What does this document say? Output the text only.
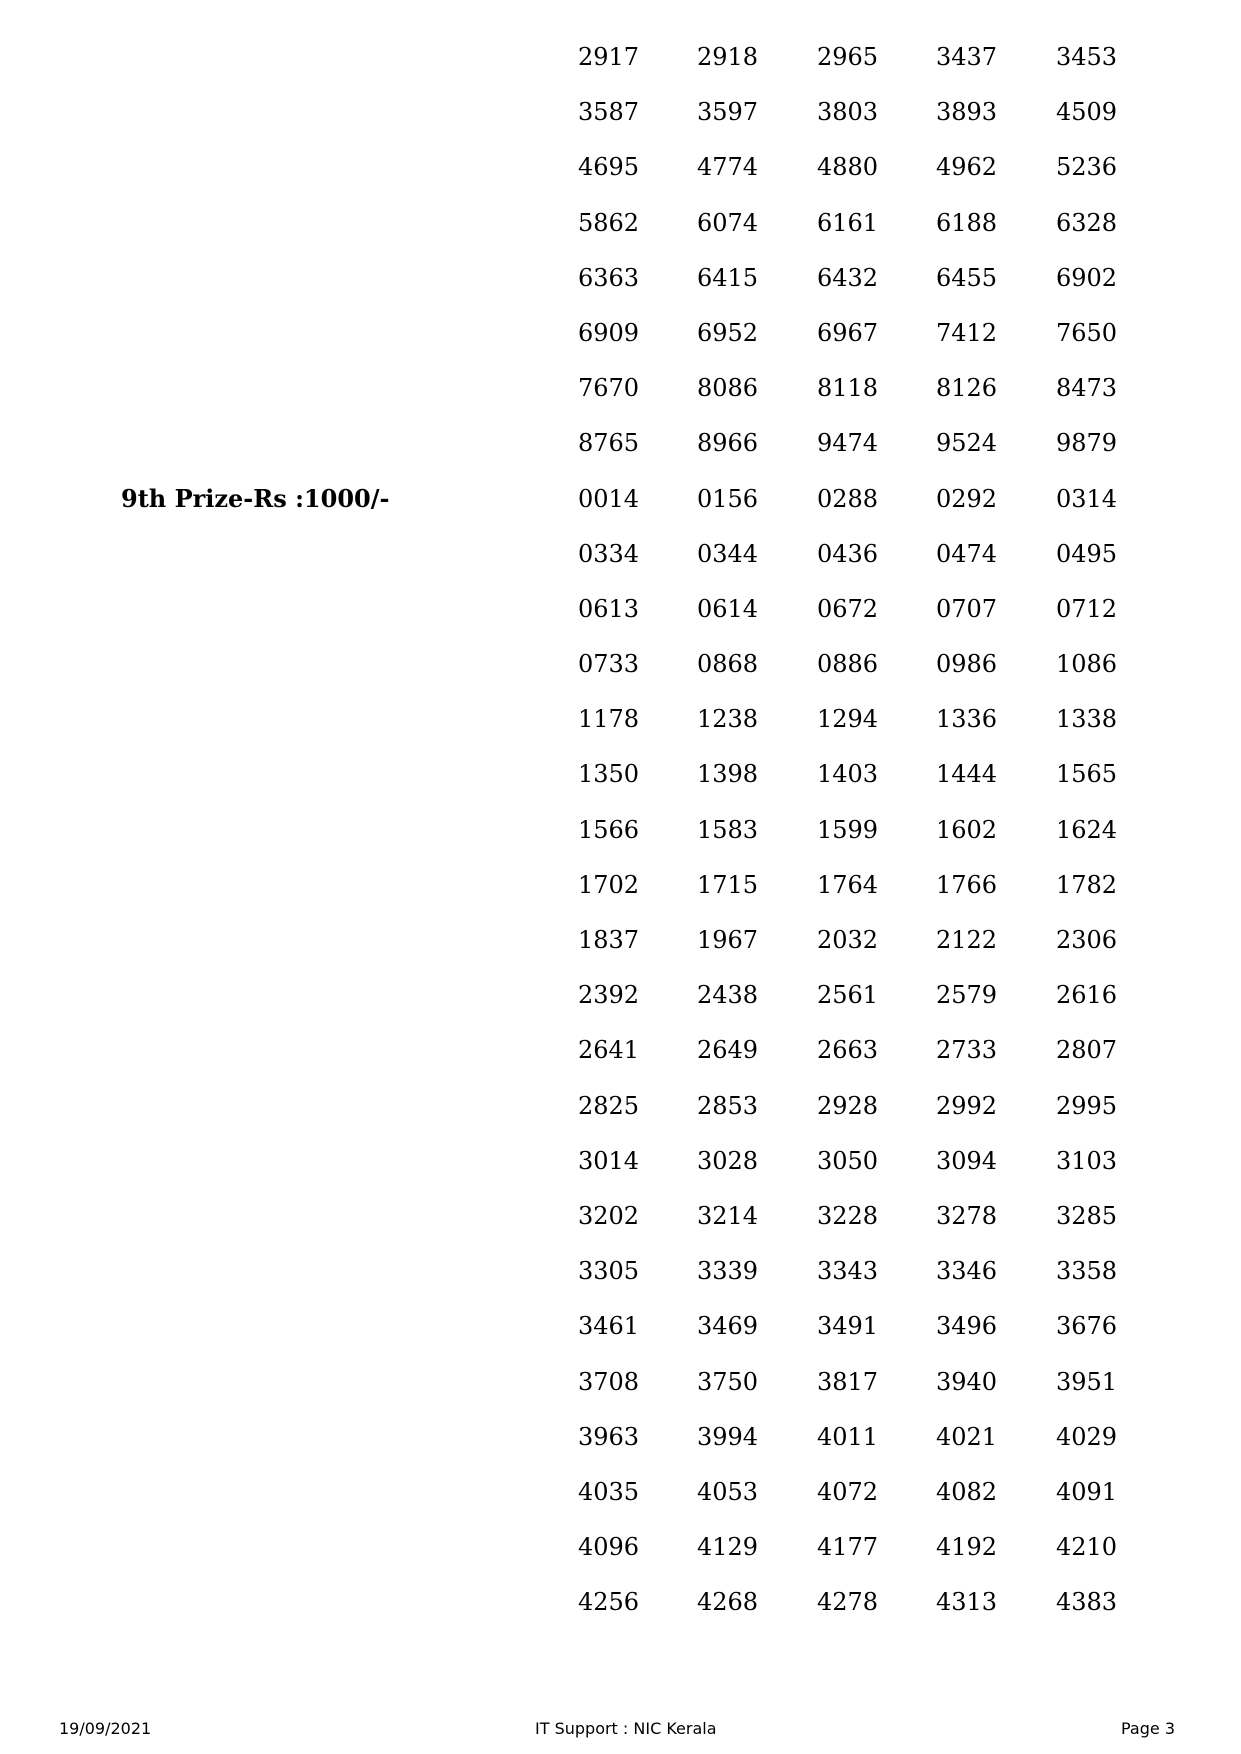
2917 2918 2965 3437 3453
3587 3597 3803 3893 4509
4695 4774 4880 4962 5236
5862 6074 6161 6188 6328
6363 6415 6432 6455 6902
6909 6952 6967 7412 7650
7670 8086 8118 8126 8473
8765 8966 9474 9524 9879
9th Prize-Rs :1000/-	0014 0156 0288 0292 0314
0334 0344 0436 0474 0495
0613 0614 0672 0707 0712
0733 0868 0886 0986 1086
1178 1238 1294 1336 1338
1350 1398 1403 1444 1565
1566 1583 1599 1602 1624
1702 1715 1764 1766 1782
1837 1967 2032 2122 2306
2392 2438 2561 2579 2616
2641 2649 2663 2733 2807
2825 2853 2928 2992 2995
3014 3028 3050 3094 3103
3202 3214 3228 3278 3285
3305 3339 3343 3346 3358
3461 3469 3491 3496 3676
3708 3750 3817 3940 3951
3963 3994 4011 4021 4029
4035 4053 4072 4082 4091
4096 4129 4177 4192 4210
4256 4268 4278 4313 4383
19/09/2021	IT Support : NIC Kerala	Page 3
